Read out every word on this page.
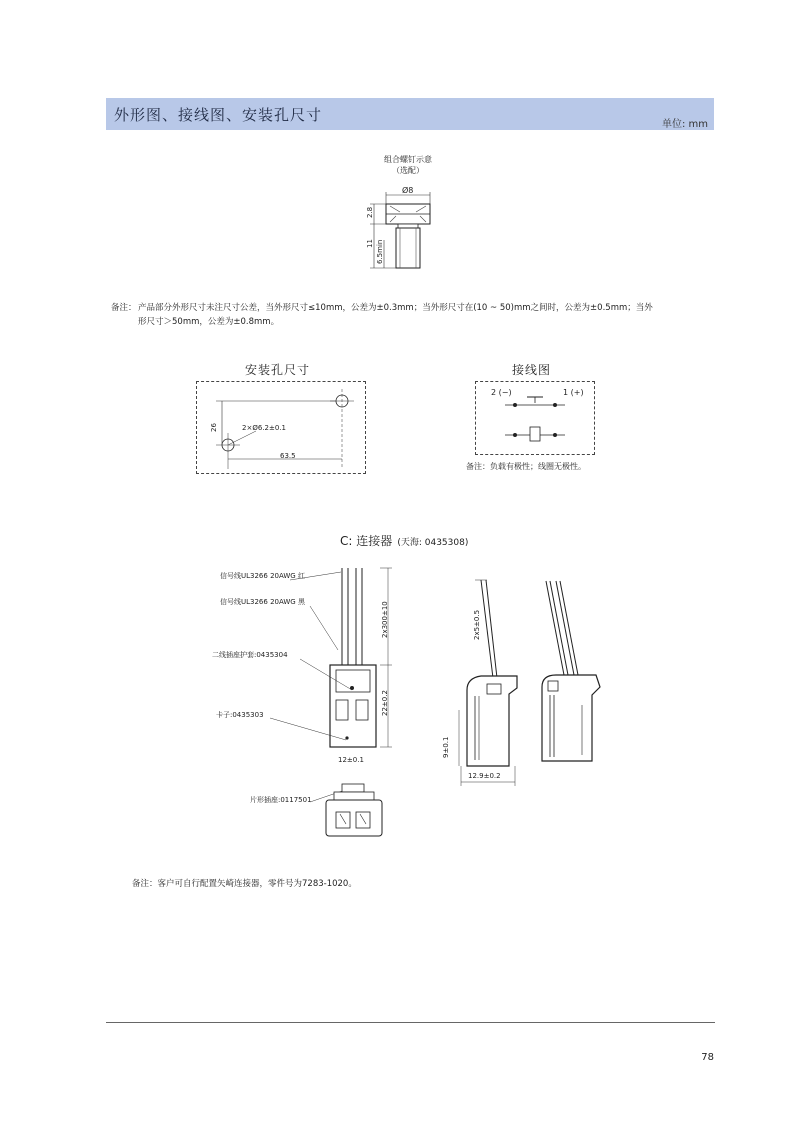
外形图、接线图、安装孔尺寸
单位: mm
组合螺钉示意
（选配）
Ø8
2.8
11 6.5min
备注： 产品部分外形尺寸未注尺寸公差，当外形尺寸≤10mm，公差为±0.3mm；当外形尺寸在(10 ~ 50)mm之间时，公差为±0.5mm；当外
形尺寸＞50mm，公差为±0.8mm。
安装孔尺寸
2×Ø6.2±0.1
26
63.5
接线图
2 (−)	1 (+)
备注：负载有极性；线圈无极性。
C: 连接器 (天海: 0435308)
2x300±10
22±0.2
12±0.1
信号线UL3266 20AWG 红
信号线UL3266 20AWG 黑
二线插座护套:0435304
卡子:0435303
片形插座:0117501
2x5±0.5
9±0.1
12.9±0.2
备注：客户可自行配置矢崎连接器，零件号为7283-1020。
78
